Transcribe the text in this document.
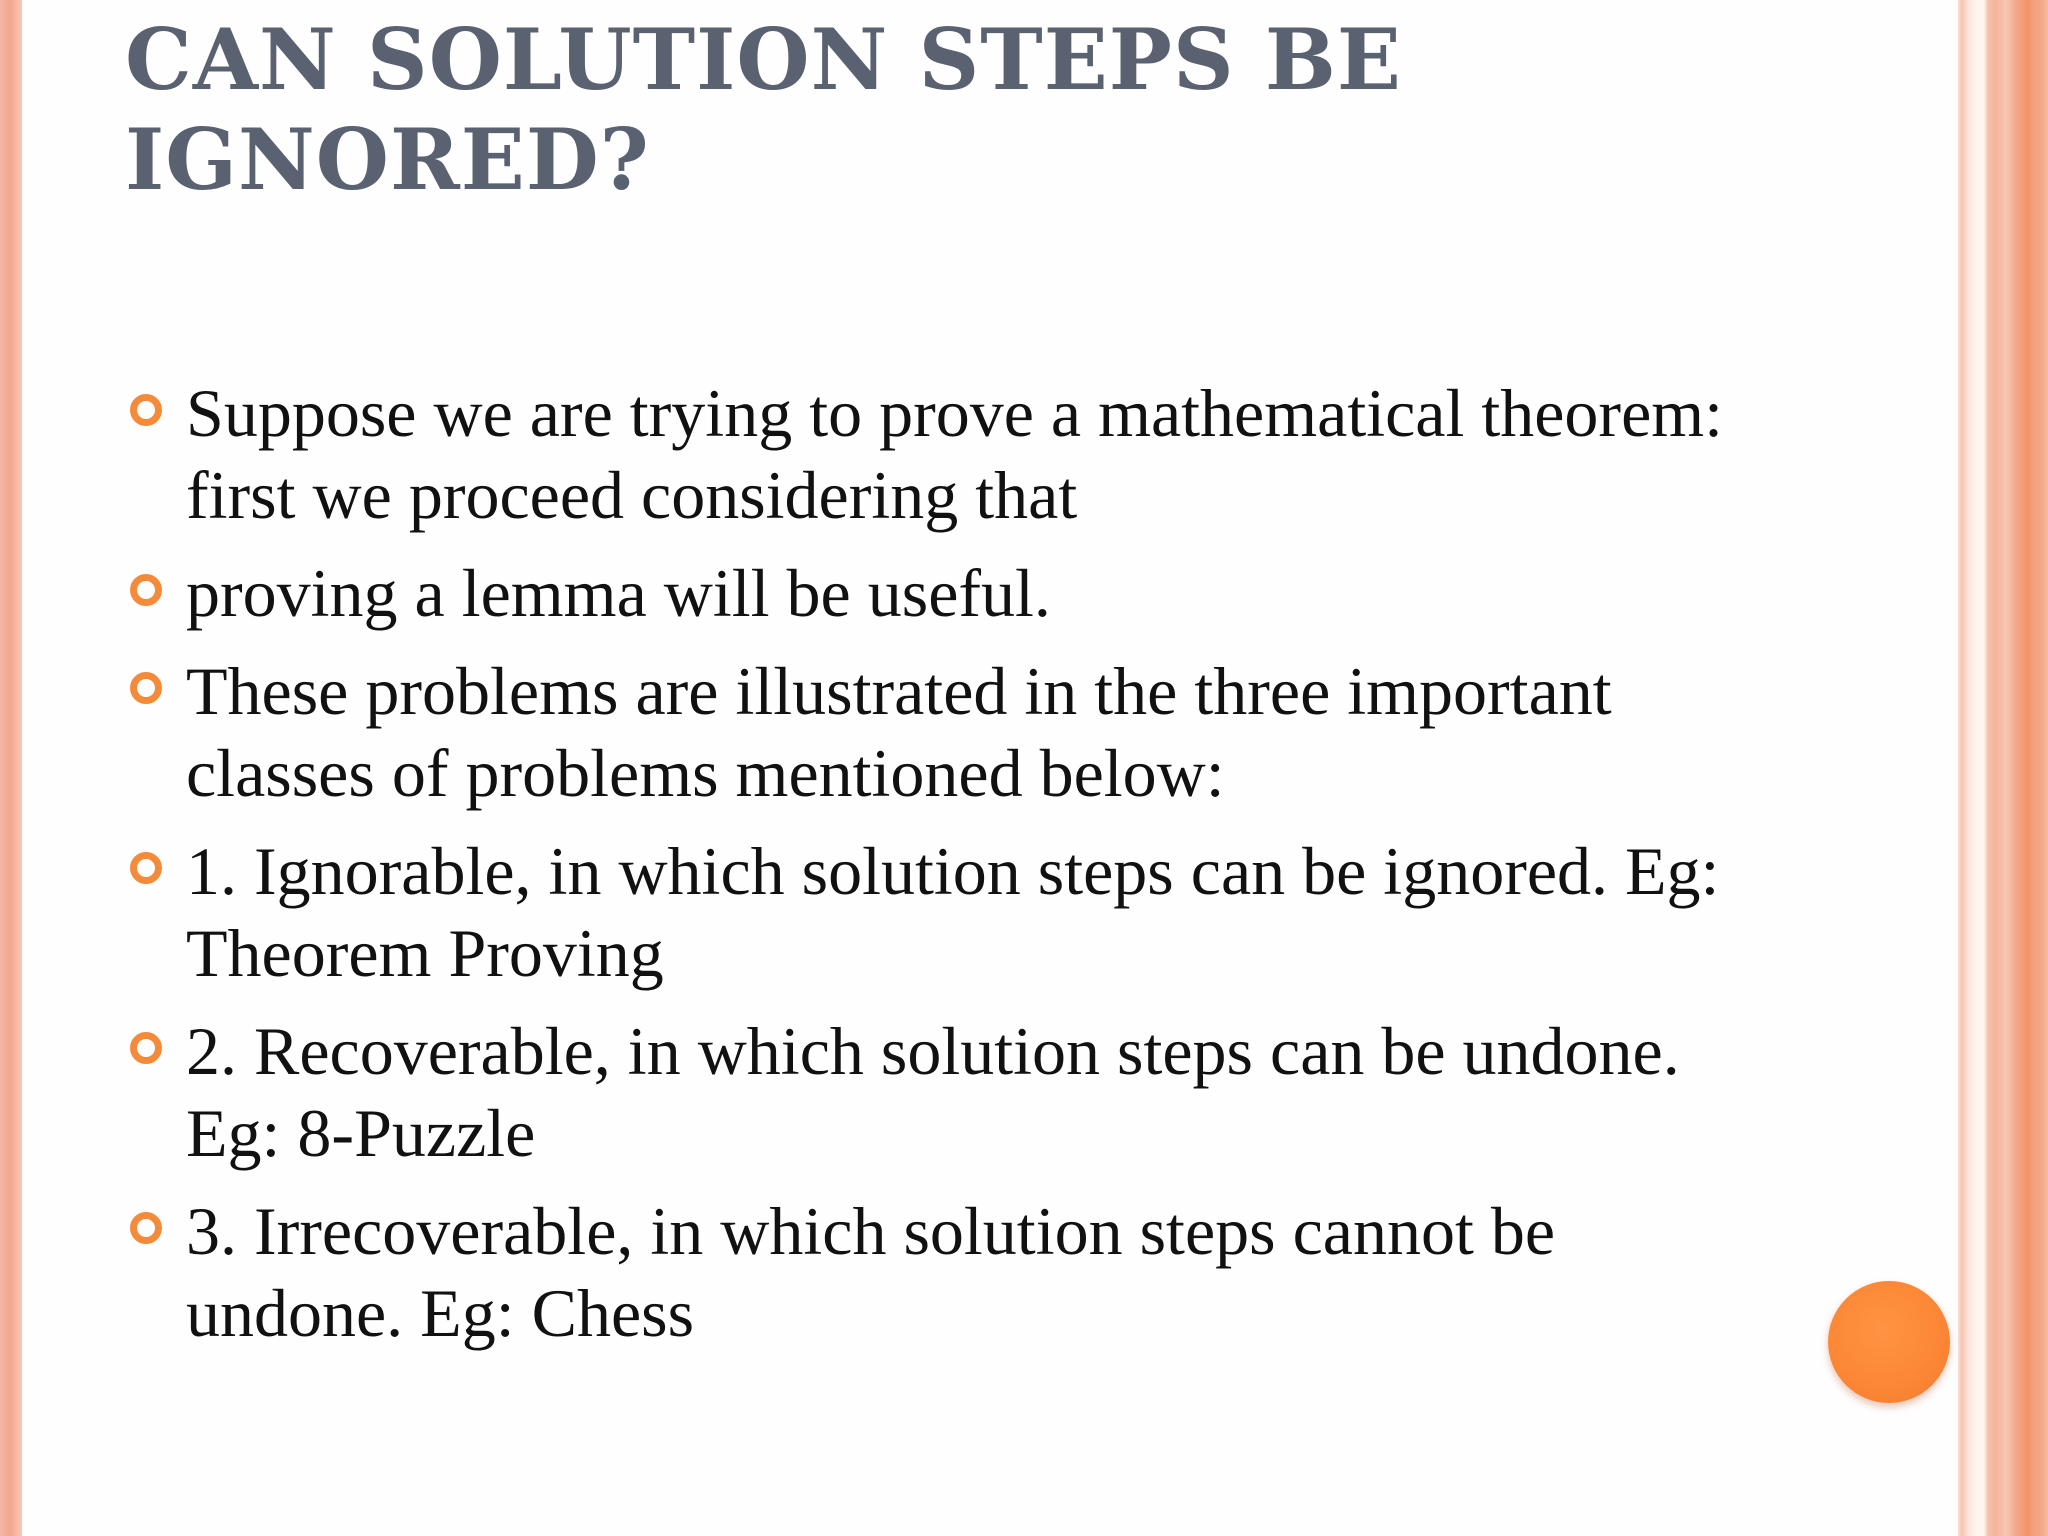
CAN SOLUTION STEPS BE IGNORED?
Suppose we are trying to prove a mathematical theorem: first we proceed considering that
proving a lemma will be useful.
These problems are illustrated in the three important classes of problems mentioned below:
1. Ignorable, in which solution steps can be ignored. Eg: Theorem Proving
2. Recoverable, in which solution steps can be undone. Eg: 8-Puzzle
3. Irrecoverable, in which solution steps cannot be undone. Eg: Chess
